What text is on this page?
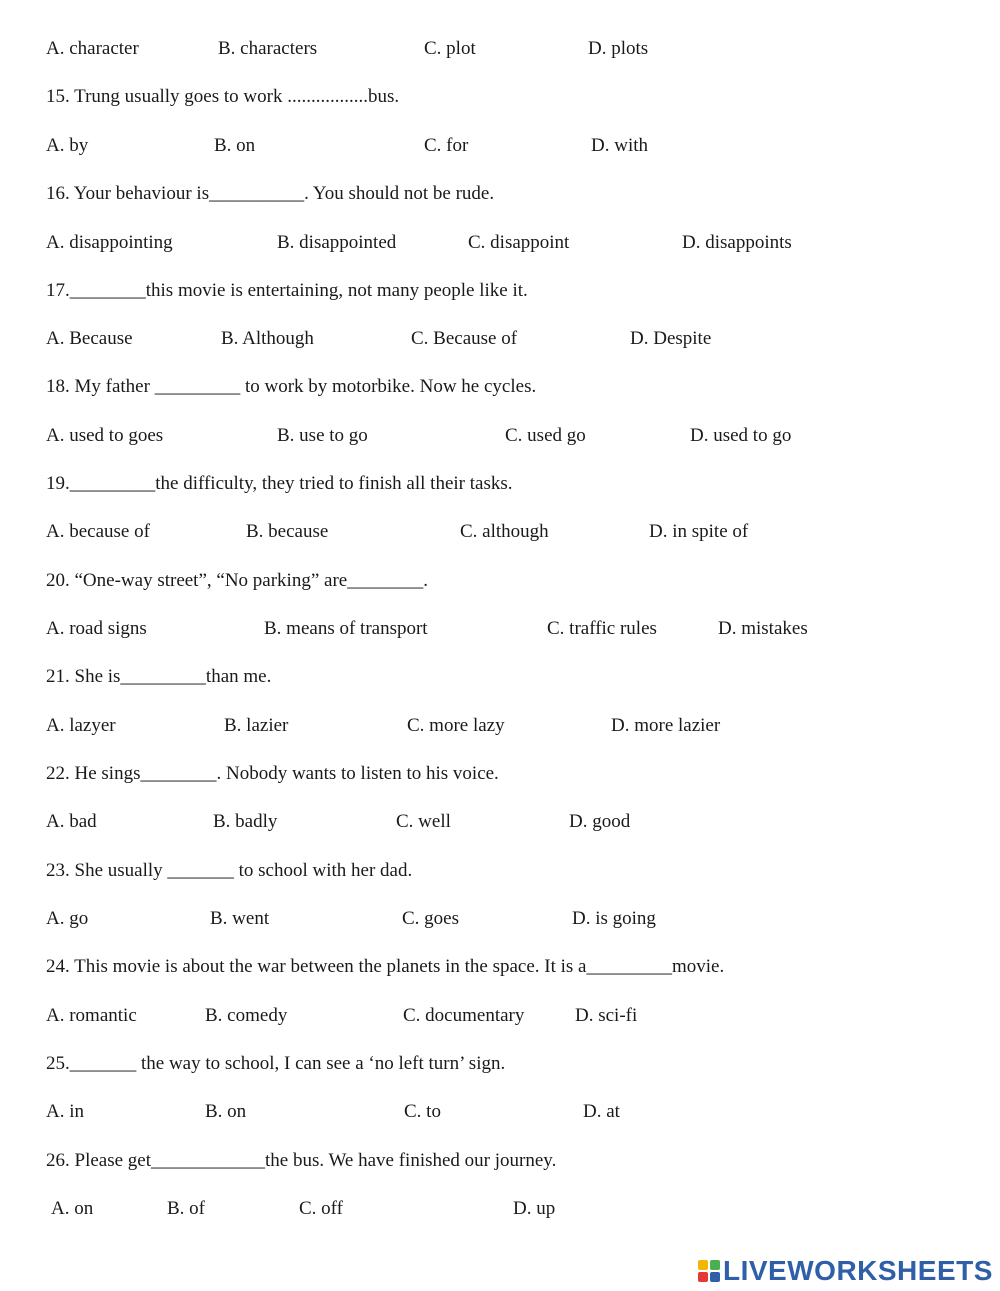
A. character	B. characters	C. plot	D. plots
15. Trung usually goes to work .................bus.
A. by	B. on	C. for	D. with
16. Your behaviour is__________. You should not be rude.
A. disappointing	B. disappointed	C. disappoint	D. disappoints
17.________this movie is entertaining, not many people like it.
A. Because	B. Although	C. Because of	D. Despite
18. My father _________ to work by motorbike. Now he cycles.
A. used to goes	B. use to go	C. used go	D. used to go
19._________the difficulty, they tried to finish all their tasks.
A. because of	B. because	C. although	D. in spite of
20. “One-way street”, “No parking” are________.
A. road signs	B. means of transport	C. traffic rules	D. mistakes
21. She is_________than me.
A. lazyer	B. lazier	C. more lazy	D. more lazier
22. He sings________. Nobody wants to listen to his voice.
A. bad	B. badly	C. well	D. good
23. She usually _______ to school with her dad.
A. go	B. went	C. goes	D. is going
24. This movie is about the war between the planets in the space. It is a_________movie.
A. romantic	B. comedy	C. documentary	D. sci-fi
25._______ the way to school, I can see a ‘no left turn’ sign.
A. in	B. on	C. to	D. at
26. Please get____________the bus. We have finished our journey.
A. on	B. of	C. off	D. up
LIVEWORKSHEETS
